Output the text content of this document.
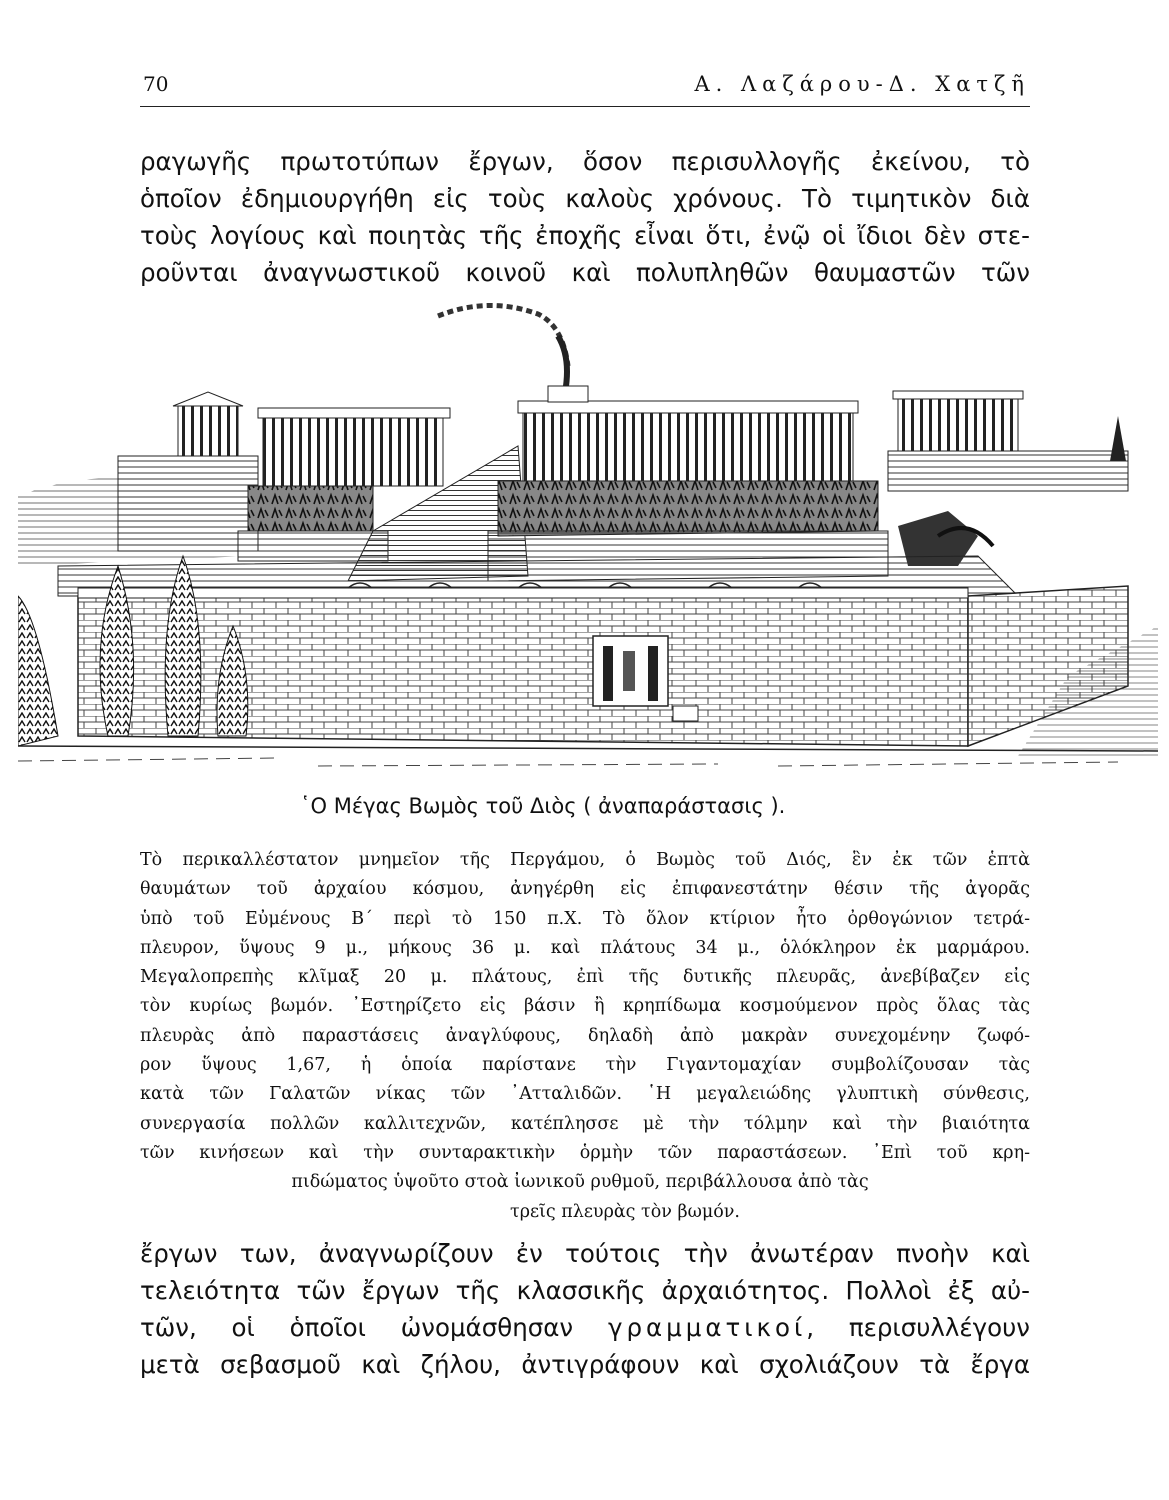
70	Α. Λαζάρου-Δ. Χατζῆ
ραγωγῆς πρωτοτύπων ἔργων, ὅσον περισυλλογῆς ἐκείνου, τὸ
ὁποῖον ἐδημιουργήθη εἰς τοὺς καλοὺς χρόνους. Τὸ τιμητικὸν διὰ
τοὺς λογίους καὶ ποιητὰς τῆς ἐποχῆς εἶναι ὅτι, ἐνῷ οἱ ἴδιοι δὲν στε-
ροῦνται ἀναγνωστικοῦ κοινοῦ καὶ πολυπληθῶν θαυμαστῶν τῶν
῾Ο Μέγας Βωμὸς τοῦ Διὸς ( ἀναπαράστασις ).
Τὸ περικαλλέστατον μνημεῖον τῆς Περγάμου, ὁ Βωμὸς τοῦ Διός, ἓν ἐκ τῶν ἑπτὰ
θαυμάτων τοῦ ἀρχαίου κόσμου, ἀνηγέρθη εἰς ἐπιφανεστάτην θέσιν τῆς ἀγορᾶς
ὑπὸ τοῦ Εὐμένους Β΄ περὶ τὸ 150 π.Χ. Τὸ ὅλον κτίριον ἦτο ὀρθογώνιον τετρά-
πλευρον, ὕψους 9 μ., μήκους 36 μ. καὶ πλάτους 34 μ., ὁλόκληρον ἐκ μαρμάρου.
Μεγαλοπρεπὴς κλῖμαξ 20 μ. πλάτους, ἐπὶ τῆς δυτικῆς πλευρᾶς, ἀνεβίβαζεν εἰς
τὸν κυρίως βωμόν. ᾿Εστηρίζετο εἰς βάσιν ἢ κρηπίδωμα κοσμούμενον πρὸς ὅλας τὰς
πλευρὰς ἀπὸ παραστάσεις ἀναγλύφους, δηλαδὴ ἀπὸ μακρὰν συνεχομένην ζωφό-
ρον ὕψους 1,67, ἡ ὁποία παρίστανε τὴν Γιγαντομαχίαν συμβολίζουσαν τὰς
κατὰ τῶν Γαλατῶν νίκας τῶν ᾿Ατταλιδῶν. ῾Η μεγαλειώδης γλυπτικὴ σύνθεσις,
συνεργασία πολλῶν καλλιτεχνῶν, κατέπλησσε μὲ τὴν τόλμην καὶ τὴν βιαιότητα
τῶν κινήσεων καὶ τὴν συνταρακτικὴν ὁρμὴν τῶν παραστάσεων. ᾿Επὶ τοῦ κρη-
πιδώματος ὑψοῦτο στοὰ ἰωνικοῦ ρυθμοῦ, περιβάλλουσα ἀπὸ τὰς
τρεῖς πλευρὰς τὸν βωμόν.
ἔργων των, ἀναγνωρίζουν ἐν τούτοις τὴν ἀνωτέραν πνοὴν καὶ
τελειότητα τῶν ἔργων τῆς κλασσικῆς ἀρχαιότητος. Πολλοὶ ἐξ αὐ-
τῶν, οἱ ὁποῖοι ὠνομάσθησαν γραμματικοί, περισυλλέγουν
μετὰ σεβασμοῦ καὶ ζήλου, ἀντιγράφουν καὶ σχολιάζουν τὰ ἔργα
